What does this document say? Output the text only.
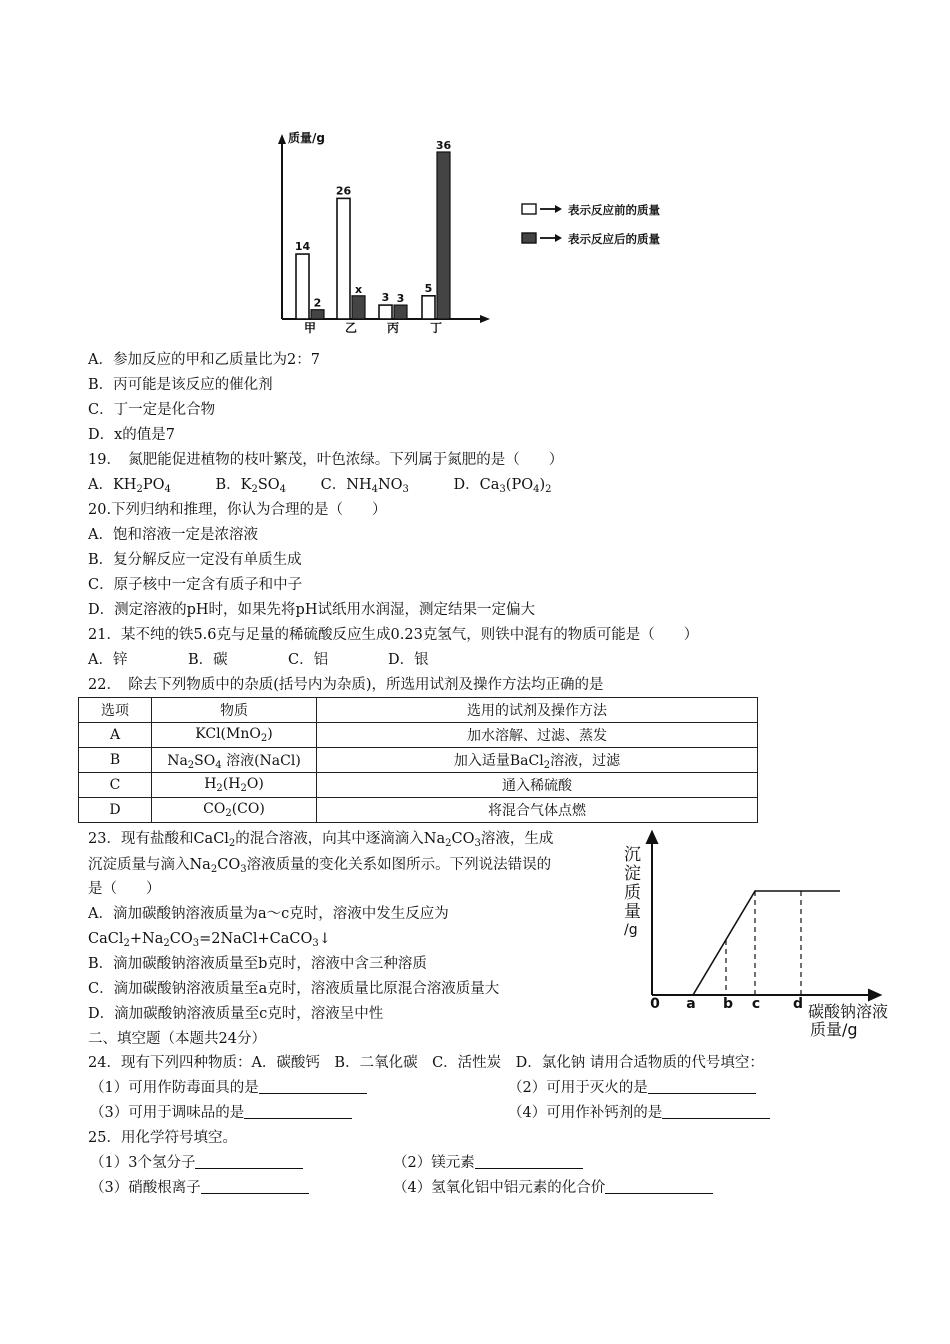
质量/g
14
2
甲
26
x
乙
3 3
丙
5
36
丁
表示反应前的质量
表示反应后的质量
A．参加反应的甲和乙质量比为2：7
B．丙可能是该反应的催化剂
C．丁一定是化合物
D．x的值是7
19．　氮肥能促进植物的枝叶繁茂，叶色浓绿。下列属于氮肥的是（　　）
A．$KH_2PO_4$	B．$K_2SO_4$ C．$NH_4NO_3$	D．$Ca_3(PO_4)_2$
20.下列归纳和推理，你认为合理的是（　　）
A．饱和溶液一定是浓溶液
B．复分解反应一定没有单质生成
C．原子核中一定含有质子和中子
D．测定溶液的pH时，如果先将pH试纸用水润湿，测定结果一定偏大
21．某不纯的铁5.6克与足量的稀硫酸反应生成0.23克氢气，则铁中混有的物质可能是（　　）
A．锌	B．碳	C．铝	D．银
22．　除去下列物质中的杂质(括号内为杂质)，所选用试剂及操作方法均正确的是
选项	物质	选用的试剂及操作方法
A	KCl(MnO$_2$)	加水溶解、过滤、蒸发
B	$Na_2SO_4$ 溶液(NaCl)	加入适量BaCl$_2$溶液，过滤
C	$H_2(H_2O)$	通入稀硫酸
D	$CO_2(CO)$	将混合气体点燃
23．现有盐酸和CaCl$_2$的混合溶液，向其中逐滴滴入$Na_2CO_3$溶液，生成
沉淀质量与滴入$Na_2CO_3$溶液质量的变化关系如图所示。下列说法错误的
是（　　）
A．滴加碳酸钠溶液质量为a～c克时，溶液中发生反应为
$CaCl_2+Na_2CO_3=2NaCl+CaCO_3↓$
B．滴加碳酸钠溶液质量至b克时，溶液中含三种溶质
C．滴加碳酸钠溶液质量至a克时，溶液质量比原混合溶液质量大
D．滴加碳酸钠溶液质量至c克时，溶液呈中性
沉
淀
质
量
/g
0 a b c d 碳酸钠溶液
质量/g
二、填空题（本题共24分）
24．现有下列四种物质：A．碳酸钙　B．二氧化碳　C．活性炭　D．氯化钠 请用合适物质的代号填空：
（1）可用作防毒面具的是	（2）可用于灭火的是
（3）可用于调味品的是	（4）可用作补钙剂的是
25．用化学符号填空。
（1）3个氢分子	（2）镁元素
（3）硝酸根离子	（4）氢氧化铝中铝元素的化合价
